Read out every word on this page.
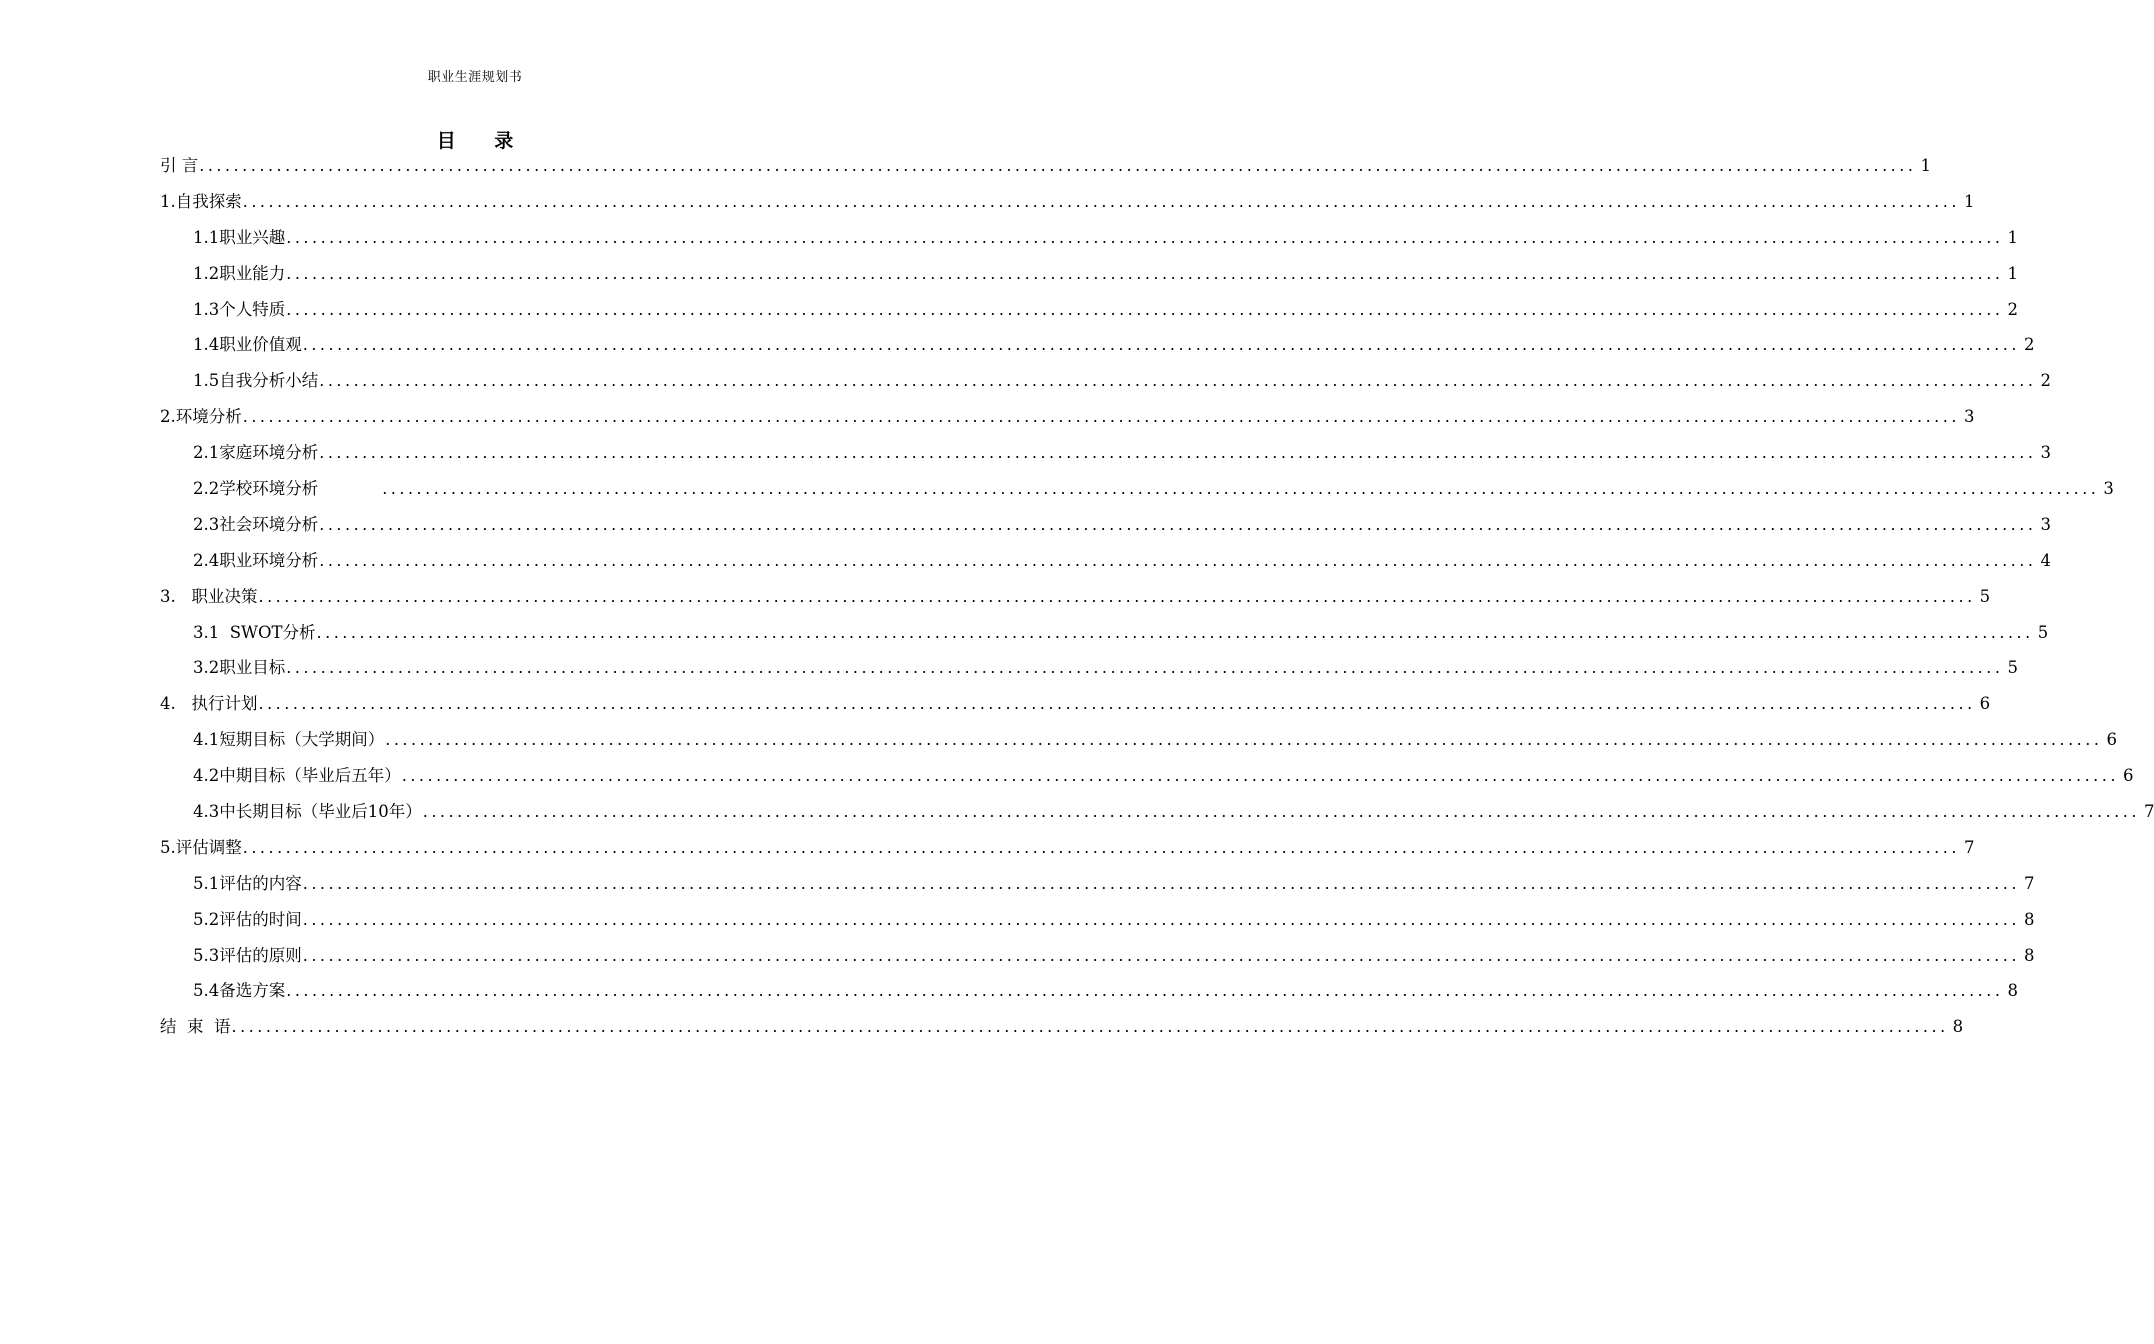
职业生涯规划书
目 录
引 言 ........................................................................................................................................................................................................ 1
1.自我探索 ........................................................................................................................................................................................................ 1
1.1职业兴趣 ........................................................................................................................................................................................................ 1
1.2职业能力 ........................................................................................................................................................................................................ 1
1.3个人特质 ........................................................................................................................................................................................................ 2
1.4职业价值观 ........................................................................................................................................................................................................ 2
1.5自我分析小结 ........................................................................................................................................................................................................ 2
2.环境分析 ........................................................................................................................................................................................................ 3
2.1家庭环境分析 ........................................................................................................................................................................................................ 3
2.2学校环境分析 ........................................................................................................................................................................................................ 3
2.3社会环境分析 ........................................................................................................................................................................................................ 3
2.4职业环境分析 ........................................................................................................................................................................................................ 4
3.   职业决策 ........................................................................................................................................................................................................ 5
3.1  SWOT分析 ........................................................................................................................................................................................................ 5
3.2职业目标 ........................................................................................................................................................................................................ 5
4.   执行计划 ........................................................................................................................................................................................................ 6
4.1短期目标（大学期间） ........................................................................................................................................................................................................ 6
4.2中期目标（毕业后五年） ........................................................................................................................................................................................................ 6
4.3中长期目标（毕业后10年） ........................................................................................................................................................................................................ 7
5.评估调整 ........................................................................................................................................................................................................ 7
5.1评估的内容 ........................................................................................................................................................................................................ 7
5.2评估的时间 ........................................................................................................................................................................................................ 8
5.3评估的原则 ........................................................................................................................................................................................................ 8
5.4备选方案 ........................................................................................................................................................................................................ 8
结  束  语 ........................................................................................................................................................................................................ 8
